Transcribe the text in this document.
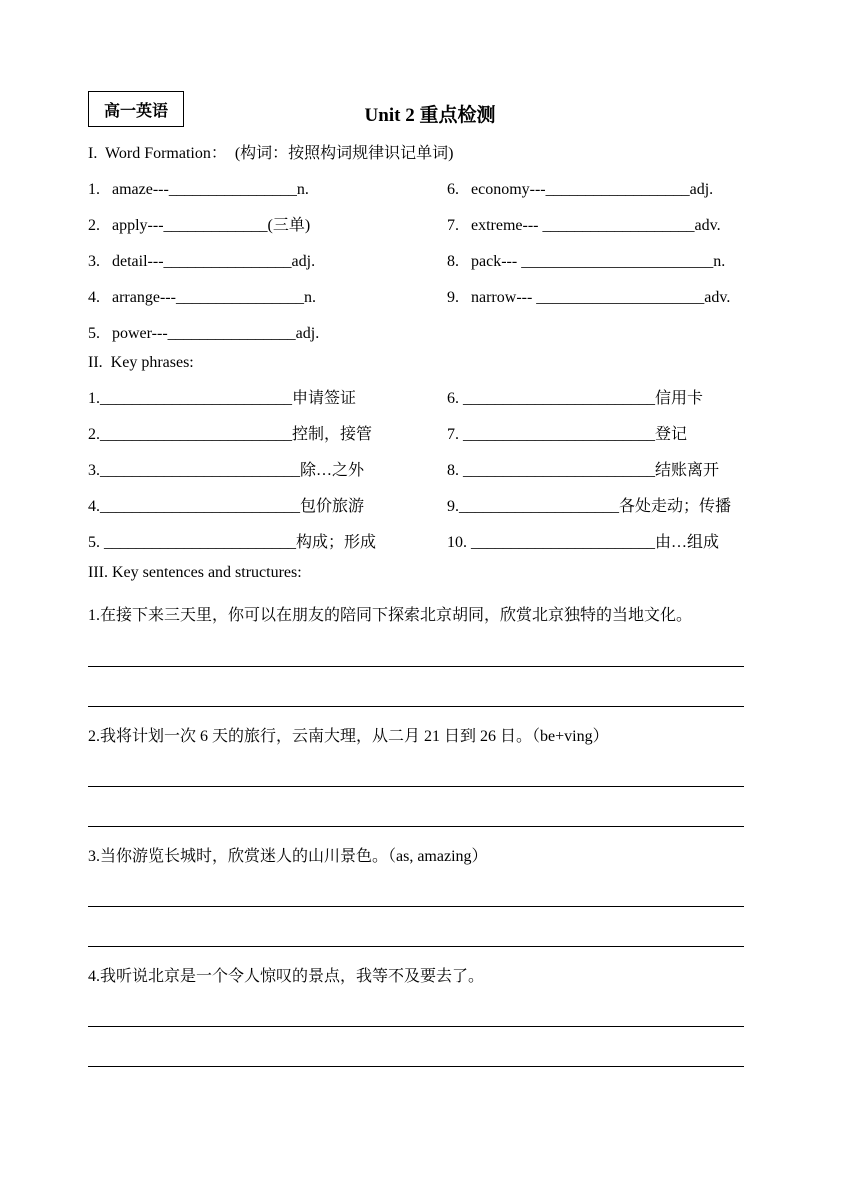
高一英语	Unit 2 重点检测
I.  Word Formation：  (构词：按照构词规律识记单词)
1.   amaze---________________n.
2.   apply---_____________(三单)
3.   detail---________________adj.
4.   arrange---________________n.
5.   power---________________adj.
6.   economy---__________________adj.
7.   extreme--- ___________________adv.
8.   pack--- ________________________n.
9.   narrow--- _____________________adv.
II.  Key phrases:
1.________________________申请签证
2.________________________控制，接管
3._________________________除…之外
4._________________________包价旅游
5. ________________________构成；形成
6. ________________________信用卡
7. ________________________登记
8. ________________________结账离开
9.____________________各处走动；传播
10. _______________________由…组成
III. Key sentences and structures:
1.在接下来三天里，你可以在朋友的陪同下探索北京胡同，欣赏北京独特的当地文化。
2.我将计划一次 6 天的旅行，云南大理，从二月 21 日到 26 日。（be+ving）
3.当你游览长城时，欣赏迷人的山川景色。（as, amazing）
4.我听说北京是一个令人惊叹的景点，我等不及要去了。
